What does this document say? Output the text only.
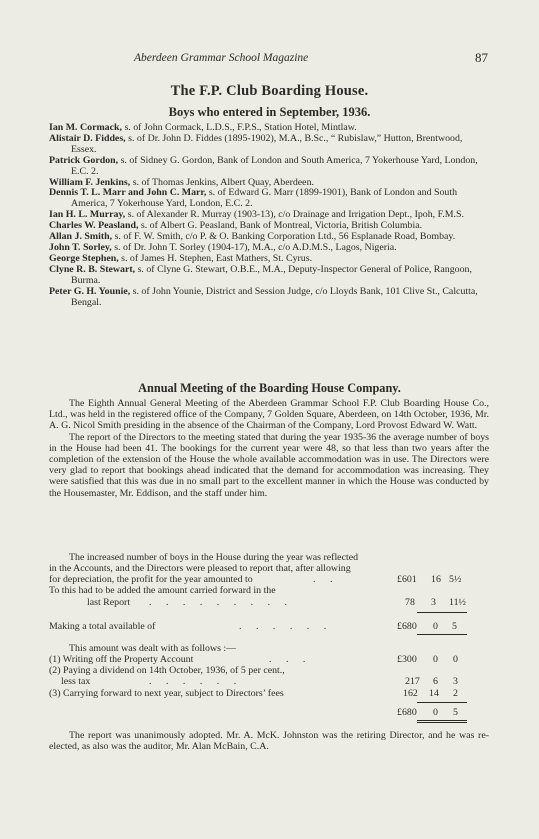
Aberdeen Grammar School Magazine	87
The F.P. Club Boarding House.
Boys who entered in September, 1936.
Ian M. Cormack, s. of John Cormack, L.D.S., F.P.S., Station Hotel, Mintlaw.
Alistair D. Fiddes, s. of Dr. John D. Fiddes (1895-1902), M.A., B.Sc., “ Rubislaw,” Hutton, Brentwood, Essex.
Patrick Gordon, s. of Sidney G. Gordon, Bank of London and South America, 7 Yokerhouse Yard, London, E.C. 2.
William F. Jenkins, s. of Thomas Jenkins, Albert Quay, Aberdeen.
Dennis T. L. Marr and John C. Marr, s. of Edward G. Marr (1899-1901), Bank of London and South America, 7 Yokerhouse Yard, London, E.C. 2.
Ian H. L. Murray, s. of Alexander R. Murray (1903-13), c/o Drainage and Irrigation Dept., Ipoh, F.M.S.
Charles W. Peasland, s. of Albert G. Peasland, Bank of Montreal, Victoria, British Columbia.
Allan J. Smith, s. of F. W. Smith, c/o P. & O. Banking Corporation Ltd., 56 Esplanade Road, Bombay.
John T. Sorley, s. of Dr. John T. Sorley (1904-17), M.A., c/o A.D.M.S., Lagos, Nigeria.
George Stephen, s. of James H. Stephen, East Mathers, St. Cyrus.
Clyne R. B. Stewart, s. of Clyne G. Stewart, O.B.E., M.A., Deputy-Inspector General of Police, Rangoon, Burma.
Peter G. H. Younie, s. of John Younie, District and Session Judge, c/o Lloyds Bank, 101 Clive St., Calcutta, Bengal.
Annual Meeting of the Boarding House Company.
The Eighth Annual General Meeting of the Aberdeen Grammar School F.P. Club Boarding House Co., Ltd., was held in the registered office of the Company, 7 Golden Square, Aberdeen, on 14th October, 1936, Mr. A. G. Nicol Smith presiding in the absence of the Chairman of the Company, Lord Provost Edward W. Watt.
The report of the Directors to the meeting stated that during the year 1935-36 the average number of boys in the House had been 41. The bookings for the current year were 48, so that less than two years after the completion of the extension of the House the whole available accommodation was in use. The Directors were very glad to report that bookings ahead indicated that the demand for accommodation was increasing. They were satisfied that this was due in no small part to the excellent manner in which the House was conducted by the Housemaster, Mr. Eddison, and the staff under him.
The increased number of boys in the House during the year was reflected
in the Accounts, and the Directors were pleased to report that, after allowing
for depreciation, the profit for the year amounted to	. .	£601 16 5½
To this had to be added the amount carried forward in the
last Report . . . . . . . . .	78 3 11½
Making a total available of	. . . . . .	£680 0 5
This amount was dealt with as follows :—
(1) Writing off the Property Account	. . .	£300 0 0
(2) Paying a dividend on 14th October, 1936, of 5 per cent.,
less tax	. . . . . .	217 6 3
(3) Carrying forward to next year, subject to Directors’ fees	162 14 2
£680 0 5
The report was unanimously adopted. Mr. A. McK. Johnston was the retiring Director, and he was re-elected, as also was the auditor, Mr. Alan McBain, C.A.
